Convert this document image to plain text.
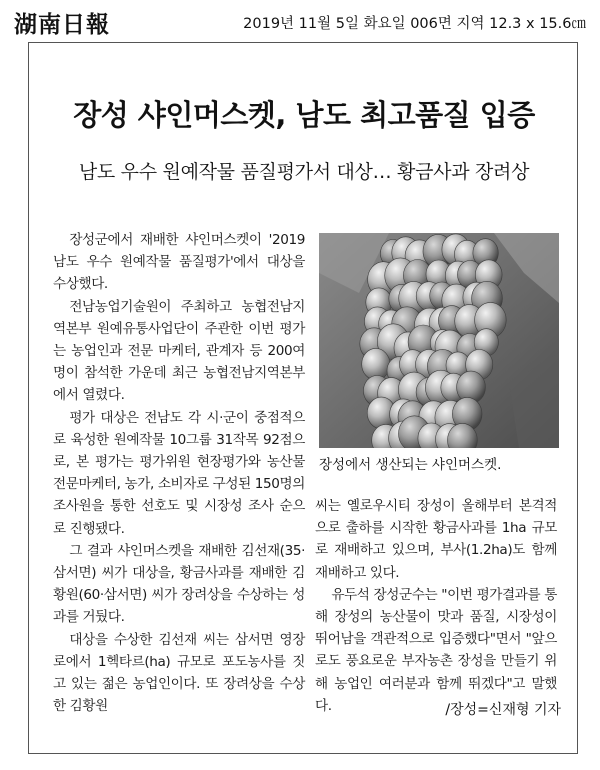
湖南日報	2019년 11월 5일 화요일 006면 지역 12.3 x 15.6㎝
장성 샤인머스켓, 남도 최고품질 입증
남도 우수 원예작물 품질평가서 대상… 황금사과 장려상

장성군에서 재배한 샤인머스켓이 '2019 남도 우수 원예작물 품질평가'에서 대상을 수상했다.

전남농업기술원이 주최하고 농협전남지역본부 원예유통사업단이 주관한 이번 평가는 농업인과 전문 마케터, 관계자 등 200여 명이 참석한 가운데 최근 농협전남지역본부에서 열렸다.

평가 대상은 전남도 각 시·군이 중점적으로 육성한 원예작물 10그룹 31작목 92점으로, 본 평가는 평가위원 현장평가와 농산물전문마케터, 농가, 소비자로 구성된 150명의 조사원을 통한 선호도 및 시장성 조사 순으로 진행됐다.

그 결과 샤인머스켓을 재배한 김선재(35·삼서면) 씨가 대상을, 황금사과를 재배한 김황원(60·삼서면) 씨가 장려상을 수상하는 성과를 거뒀다.

대상을 수상한 김선재 씨는 삼서면 영장로에서 1헥타르(ha) 규모로 포도농사를 짓고 있는 젊은 농업인이다. 또 장려상을 수상한 김황원

장성에서 생산되는 샤인머스켓.

씨는 옐로우시티 장성이 올해부터 본격적으로 출하를 시작한 황금사과를 1ha 규모로 재배하고 있으며, 부사(1.2ha)도 함께 재배하고 있다.

유두석 장성군수는 "이번 평가결과를 통해 장성의 농산물이 맛과 품질, 시장성이 뛰어남을 객관적으로 입증했다"면서 "앞으로도 풍요로운 부자농촌 장성을 만들기 위해 농업인 여러분과 함께 뛰겠다"고 말했다.	/장성=신재형 기자
